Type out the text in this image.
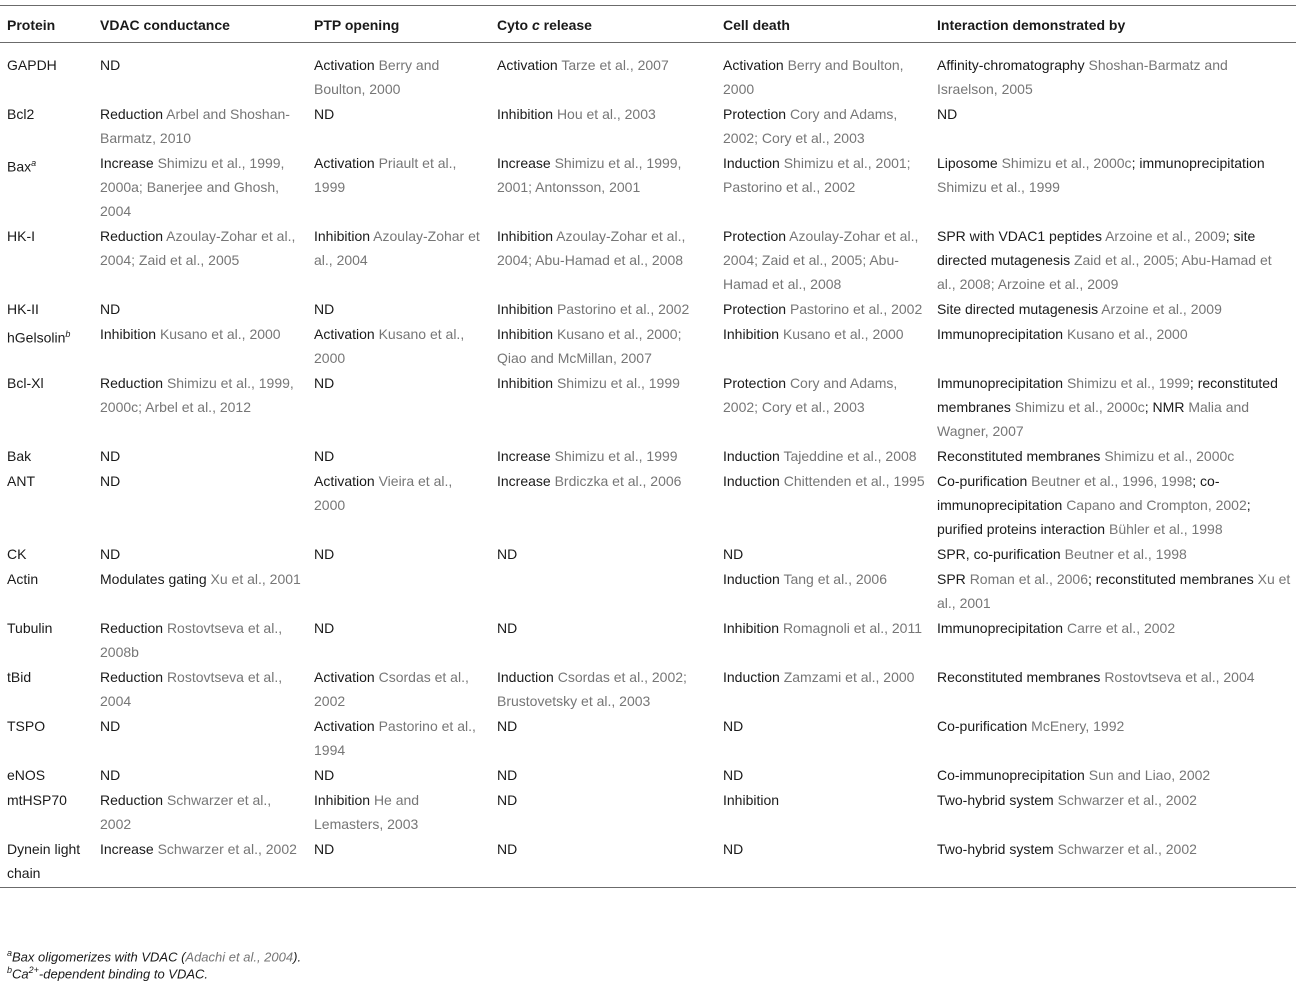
Protein	VDAC conductance	PTP opening	Cyto c release	Cell death	Interaction demonstrated by
GAPDH	ND	Activation Berry and Boulton, 2000	Activation Tarze et al., 2007	Activation Berry and Boulton, 2000	Affinity-chromatography Shoshan-Barmatz and Israelson, 2005
Bcl2	Reduction Arbel and Shoshan-Barmatz, 2010	ND	Inhibition Hou et al., 2003	Protection Cory and Adams, 2002; Cory et al., 2003	ND
Bax$^a$	Increase Shimizu et al., 1999, 2000a; Banerjee and Ghosh, 2004	Activation Priault et al., 1999	Increase Shimizu et al., 1999, 2001; Antonsson, 2001	Induction Shimizu et al., 2001; Pastorino et al., 2002	Liposome Shimizu et al., 2000c; immunoprecipitation Shimizu et al., 1999
HK-I	Reduction Azoulay-Zohar et al., 2004; Zaid et al., 2005	Inhibition Azoulay-Zohar et al., 2004	Inhibition Azoulay-Zohar et al., 2004; Abu-Hamad et al., 2008	Protection Azoulay-Zohar et al., 2004; Zaid et al., 2005; Abu-Hamad et al., 2008	SPR with VDAC1 peptides Arzoine et al., 2009; site directed mutagenesis Zaid et al., 2005; Abu-Hamad et al., 2008; Arzoine et al., 2009
HK-II	ND	ND	Inhibition Pastorino et al., 2002	Protection Pastorino et al., 2002	Site directed mutagenesis Arzoine et al., 2009
hGelsolin$^b$	Inhibition Kusano et al., 2000	Activation Kusano et al., 2000	Inhibition Kusano et al., 2000; Qiao and McMillan, 2007	Inhibition Kusano et al., 2000	Immunoprecipitation Kusano et al., 2000
Bcl-Xl	Reduction Shimizu et al., 1999, 2000c; Arbel et al., 2012	ND	Inhibition Shimizu et al., 1999	Protection Cory and Adams, 2002; Cory et al., 2003	Immunoprecipitation Shimizu et al., 1999; reconstituted membranes Shimizu et al., 2000c; NMR Malia and Wagner, 2007
Bak	ND	ND	Increase Shimizu et al., 1999	Induction Tajeddine et al., 2008	Reconstituted membranes Shimizu et al., 2000c
ANT	ND	Activation Vieira et al., 2000	Increase Brdiczka et al., 2006	Induction Chittenden et al., 1995	Co-purification Beutner et al., 1996, 1998; co-immunoprecipitation Capano and Crompton, 2002; purified proteins interaction Bühler et al., 1998
CK	ND	ND	ND	ND	SPR, co-purification Beutner et al., 1998
Actin	Modulates gating Xu et al., 2001			Induction Tang et al., 2006	SPR Roman et al., 2006; reconstituted membranes Xu et al., 2001
Tubulin	Reduction Rostovtseva et al., 2008b	ND	ND	Inhibition Romagnoli et al., 2011	Immunoprecipitation Carre et al., 2002
tBid	Reduction Rostovtseva et al., 2004	Activation Csordas et al., 2002	Induction Csordas et al., 2002; Brustovetsky et al., 2003	Induction Zamzami et al., 2000	Reconstituted membranes Rostovtseva et al., 2004
TSPO	ND	Activation Pastorino et al., 1994	ND	ND	Co-purification McEnery, 1992
eNOS	ND	ND	ND	ND	Co-immunoprecipitation Sun and Liao, 2002
mtHSP70	Reduction Schwarzer et al., 2002	Inhibition He and Lemasters, 2003	ND	Inhibition	Two-hybrid system Schwarzer et al., 2002
Dynein light chain	Increase Schwarzer et al., 2002	ND	ND	ND	Two-hybrid system Schwarzer et al., 2002
$^a$Bax oligomerizes with VDAC (Adachi et al., 2004).
$^bCa^{2+}$-dependent binding to VDAC.
